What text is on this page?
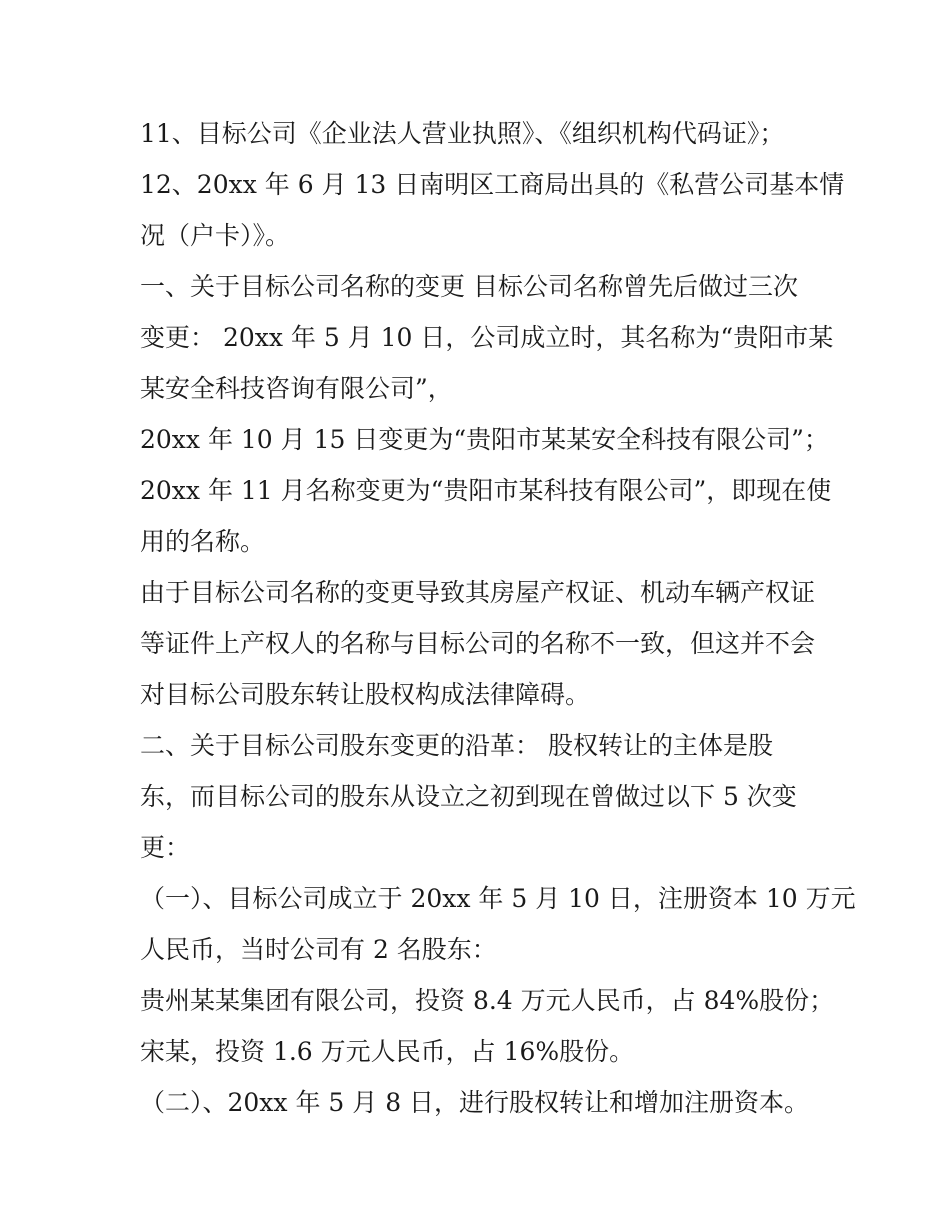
11、目标公司《企业法人营业执照》、《组织机构代码证》；
12、20xx 年 6 月 13 日南明区工商局出具的《私营公司基本情
况（户卡）》。
一、关于目标公司名称的变更 目标公司名称曾先后做过三次
变更： 20xx 年 5 月 10 日，公司成立时，其名称为“贵阳市某
某安全科技咨询有限公司”，
20xx 年 10 月 15 日变更为“贵阳市某某安全科技有限公司”；
20xx 年 11 月名称变更为“贵阳市某科技有限公司”，即现在使
用的名称。
由于目标公司名称的变更导致其房屋产权证、机动车辆产权证
等证件上产权人的名称与目标公司的名称不一致，但这并不会
对目标公司股东转让股权构成法律障碍。
二、关于目标公司股东变更的沿革： 股权转让的主体是股
东，而目标公司的股东从设立之初到现在曾做过以下 5 次变
更：
（一）、目标公司成立于 20xx 年 5 月 10 日，注册资本 10 万元
人民币，当时公司有 2 名股东：
贵州某某集团有限公司，投资 8.4 万元人民币，占 84%股份；
宋某，投资 1.6 万元人民币，占 16%股份。
（二）、20xx 年 5 月 8 日，进行股权转让和增加注册资本。
